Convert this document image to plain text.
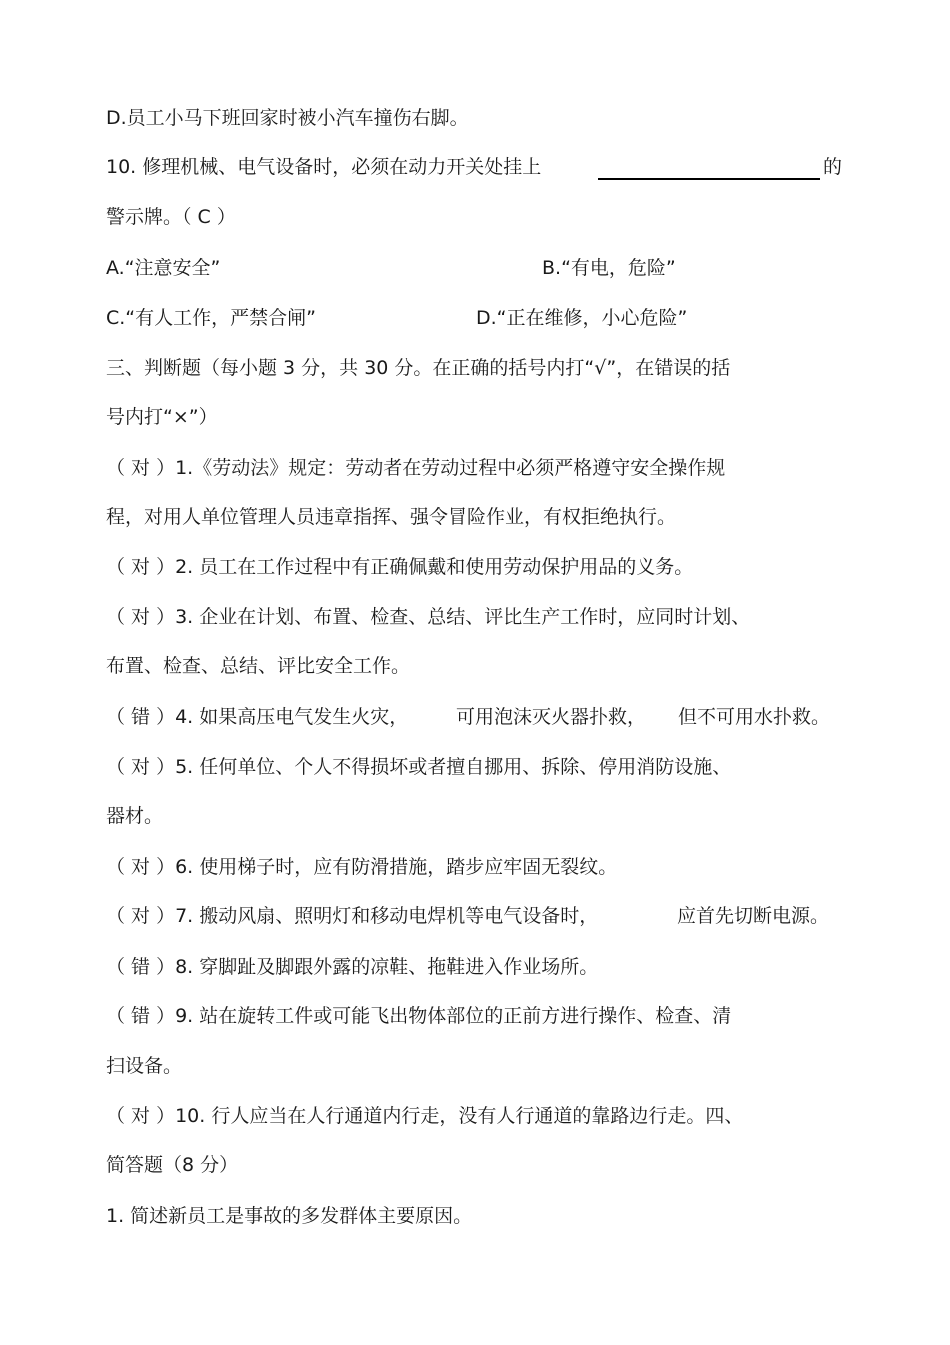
D.员工小马下班回家时被小汽车撞伤右脚。
10. 修理机械、电气设备时，必须在动力开关处挂上	的
警示牌。（ C ）
A.“注意安全”	B.“有电，危险”
C.“有人工作，严禁合闸”	D.“正在维修，小心危险”
三、判断题（每小题 3 分，共 30 分。在正确的括号内打“√”，在错误的括
号内打“×”）
（ 对 ）1.《劳动法》规定：劳动者在劳动过程中必须严格遵守安全操作规
程，对用人单位管理人员违章指挥、强令冒险作业，有权拒绝执行。
（ 对 ）2. 员工在工作过程中有正确佩戴和使用劳动保护用品的义务。
（ 对 ）3. 企业在计划、布置、检查、总结、评比生产工作时，应同时计划、
布置、检查、总结、评比安全工作。
（ 错 ）4. 如果高压电气发生火灾，	可用泡沫灭火器扑救， 但不可用水扑救。
（ 对 ）5. 任何单位、个人不得损坏或者擅自挪用、拆除、停用消防设施、
器材。
（ 对 ）6. 使用梯子时，应有防滑措施，踏步应牢固无裂纹。
（ 对 ）7. 搬动风扇、照明灯和移动电焊机等电气设备时，	应首先切断电源。
（ 错 ）8. 穿脚趾及脚跟外露的凉鞋、拖鞋进入作业场所。
（ 错 ）9. 站在旋转工件或可能飞出物体部位的正前方进行操作、检查、清
扫设备。
（ 对 ）10. 行人应当在人行通道内行走，没有人行通道的靠路边行走。四、
简答题（8 分）
1. 简述新员工是事故的多发群体主要原因。
